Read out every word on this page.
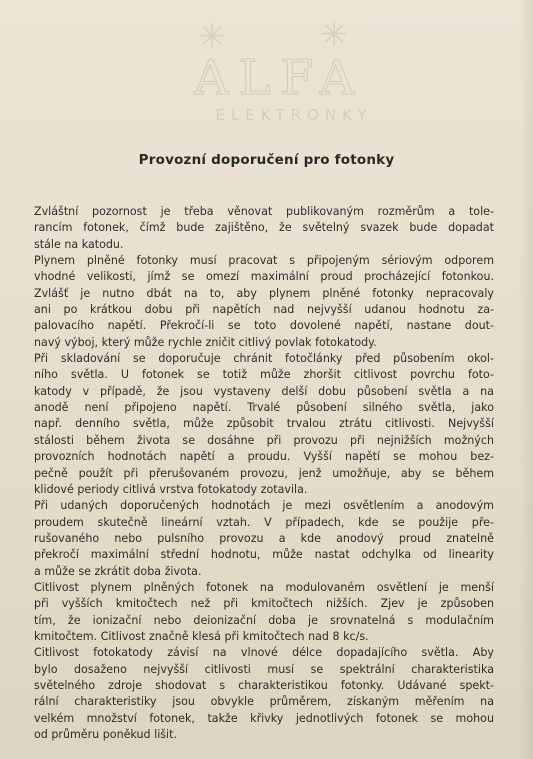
✳	✳
ALFA
ELEKTRONKY
Provozní doporučení pro fotonky
Zvláštní pozornost je třeba věnovat publikovaným rozměrům a tole-
rancím fotonek, čímž bude zajištěno, že světelný svazek bude dopadat
stále na katodu.
Plynem plněné fotonky musí pracovat s připojeným sériovým odporem
vhodné velikosti, jímž se omezí maximální proud procházející fotonkou.
Zvlášť je nutno dbát na to, aby plynem plněné fotonky nepracovaly
ani po krátkou dobu při napětích nad nejvyšší udanou hodnotu za-
palovacího napětí. Překročí-li se toto dovolené napětí, nastane dout-
navý výboj, který může rychle zničit citlivý povlak fotokatody.
Při skladování se doporučuje chránit fotočlánky před působením okol-
ního světla. U fotonek se totiž může zhoršit citlivost povrchu foto-
katody v případě, že jsou vystaveny delší dobu působení světla a na
anodě není připojeno napětí. Trvalé působení silného světla, jako
např. denního světla, může způsobit trvalou ztrátu citlivosti. Nejvyšší
stálosti během života se dosáhne při provozu při nejnižších možných
provozních hodnotách napětí a proudu. Vyšší napětí se mohou bez-
pečně použít při přerušovaném provozu, jenž umožňuje, aby se během
klidové periody citlivá vrstva fotokatody zotavila.
Při udaných doporučených hodnotách je mezi osvětlením a anodovým
proudem skutečně lineární vztah. V případech, kde se použije pře-
rušovaného nebo pulsního provozu a kde anodový proud znatelně
překročí maximální střední hodnotu, může nastat odchylka od linearity
a může se zkrátit doba života.
Citlivost plynem plněných fotonek na modulovaném osvětlení je menší
při vyšších kmitočtech než při kmitočtech nižších. Zjev je způsoben
tím, že ionizační nebo deionizační doba je srovnatelná s modulačním
kmitočtem. Citlivost značně klesá při kmitočtech nad 8 kc/s.
Citlivost fotokatody závisí na vlnové délce dopadajícího světla. Aby
bylo dosaženo nejvyšší citlivosti musí se spektrální charakteristika
světelného zdroje shodovat s charakteristikou fotonky. Udávané spekt-
rální charakteristiky jsou obvykle průměrem, získaným měřením na
velkém množství fotonek, takže křivky jednotlivých fotonek se mohou
od průměru poněkud lišit.
